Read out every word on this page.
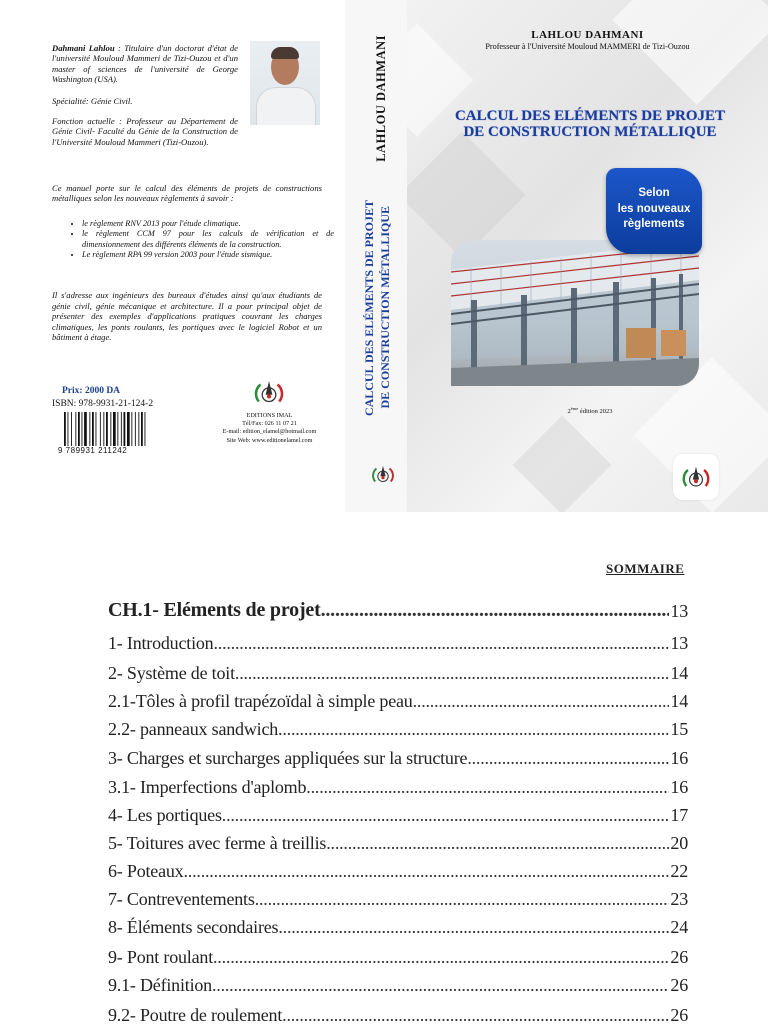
Dahmani Lahlou : Titulaire d'un doctorat d'état de l'université Mouloud Mammeri de Tizi-Ouzou et d'un master of sciences de l'université de George Washington (USA).
Spécialité: Génie Civil.
Fonction actuelle : Professeur au Département de Génie Civil- Faculté du Génie de la Construction de l'Université Mouloud Mammeri (Tizi-Ouzou).
Ce manuel porte sur le calcul des éléments de projets de constructions métalliques selon les nouveaux règlements à savoir :
• le règlement RNV 2013 pour l'étude climatique.
• le règlement CCM 97 pour les calculs de vérification et de dimensionnement des différents éléments de la construction.
• Le règlement RPA 99 version 2003 pour l'étude sismique.
Il s'adresse aux ingénieurs des bureaux d'études ainsi qu'aux étudiants de génie civil, génie mécanique et architecture. Il a pour principal objet de présenter des exemples d'applications pratiques couvrant les charges climatiques, les ponts roulants, les portiques avec le logiciel Robot et un bâtiment à étage.
Prix: 2000 DA
ISBN: 978-9931-21-124-2
9 789931 211242
EDITIONS IMAL
Tél/Fax: 026 11 07 21
E-mail: edition_elamel@hotmail.com
Site Web: www.editionelamel.com
LAHLOU DAHMANI
CALCUL DES ELÉMENTS DE PROJET DE CONSTRUCTION MÉTALLIQUE
LAHLOU DAHMANI
Professeur à l'Université Mouloud MAMMERI de Tizi-Ouzou
CALCUL DES ELÉMENTS DE PROJET
DE CONSTRUCTION MÉTALLIQUE
Selon
les nouveaux
règlements
2ème édition 2023
SOMMAIRE
CH.1- Eléments de projet .....	13
1- Introduction .....	13
2- Système de toit .....	14
2.1-Tôles à profil trapézoïdal à simple peau .....	14
2.2- panneaux sandwich .....	15
3- Charges et surcharges appliquées sur la structure .....	16
3.1- Imperfections d'aplomb .....	16
4- Les portiques .....	17
5- Toitures avec ferme à treillis .....	20
6- Poteaux .....	22
7- Contreventements .....	23
8- Éléments secondaires .....	24
9- Pont roulant .....	26
9.1- Définition .....	26
9.2- Poutre de roulement .....	26
